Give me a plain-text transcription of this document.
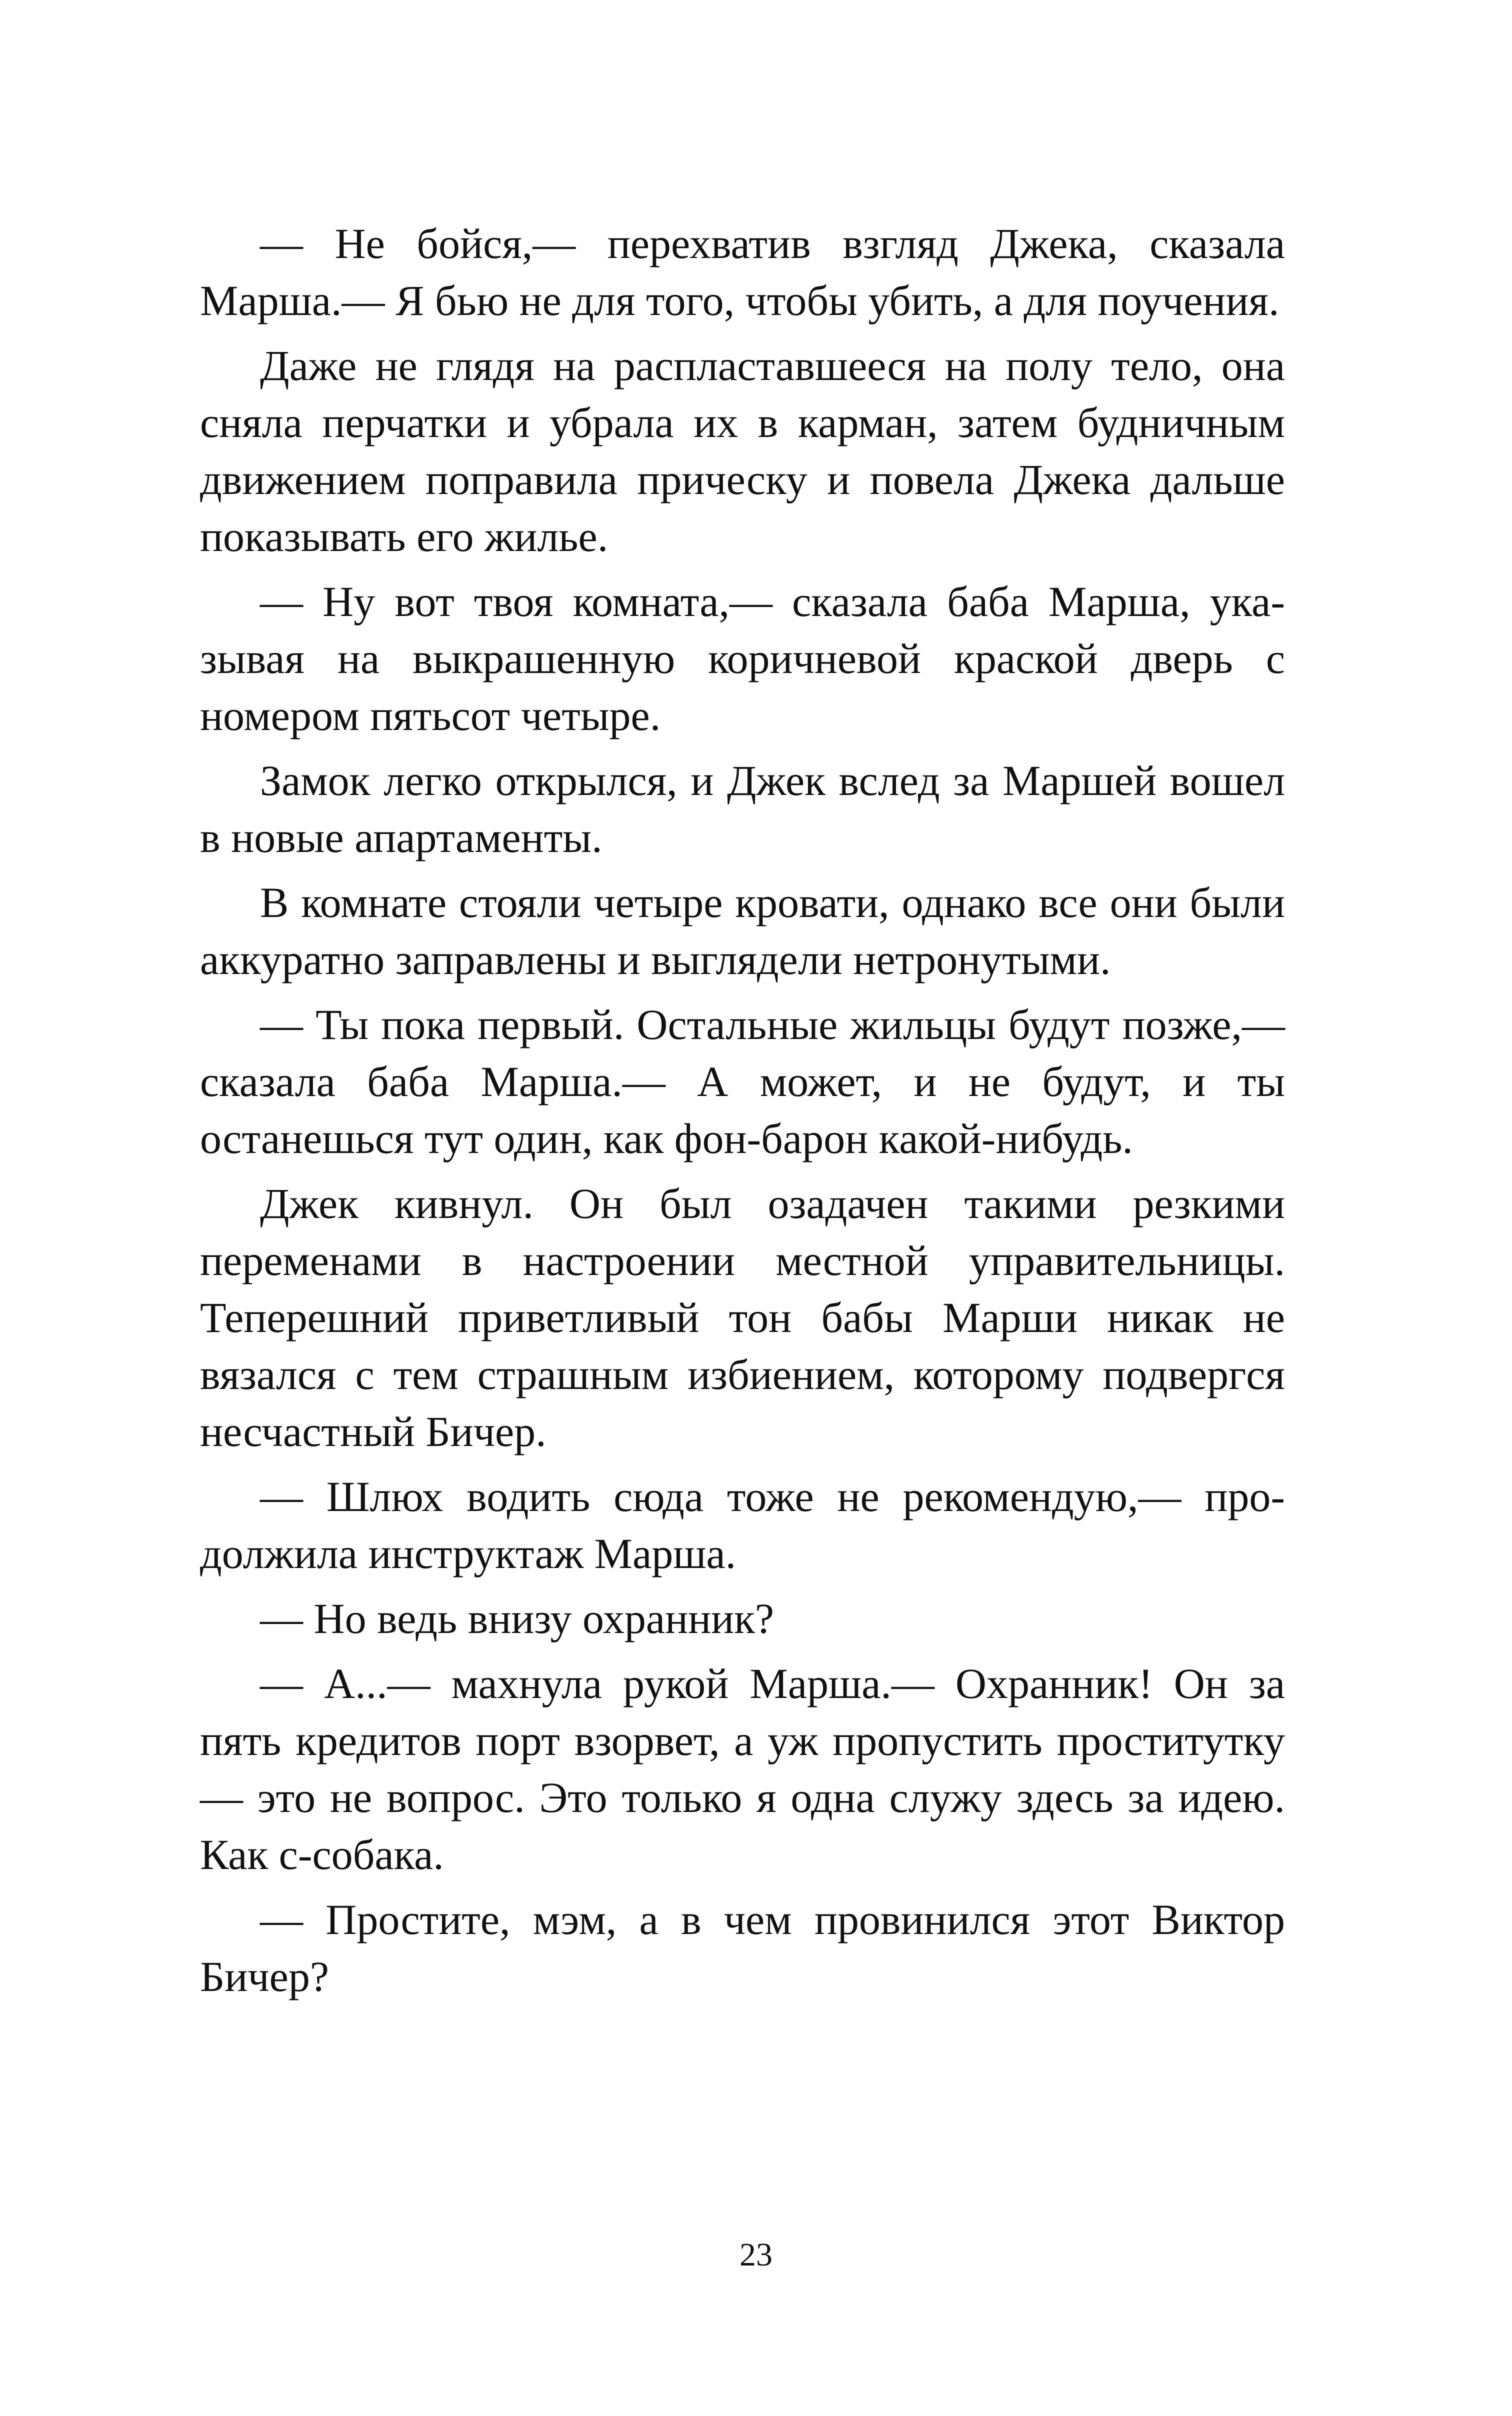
— Не бойся,— перехватив взгляд Джека, сказала Марша.— Я бью не для того, чтобы убить, а для поучения.

Даже не глядя на распластавшееся на полу тело, она сняла перчатки и убрала их в карман, затем будничным движением поправила прическу и повела Джека дальше показывать его жилье.

— Ну вот твоя комната,— сказала баба Марша, указывая на выкрашенную коричневой краской дверь с номером пятьсот четыре.

Замок легко открылся, и Джек вслед за Маршей вошел в новые апартаменты.

В комнате стояли четыре кровати, однако все они были аккуратно заправлены и выглядели нетронутыми.

— Ты пока первый. Остальные жильцы будут позже,— сказала баба Марша.— А может, и не будут, и ты останешься тут один, как фон-барон какой-нибудь.

Джек кивнул. Он был озадачен такими резкими переменами в настроении местной управительницы. Теперешний приветливый тон бабы Марши никак не вязался с тем страшным избиением, которому подвергся несчастный Бичер.

— Шлюх водить сюда тоже не рекомендую,— продолжила инструктаж Марша.

— Но ведь внизу охранник?

— А...— махнула рукой Марша.— Охранник! Он за пять кредитов порт взорвет, а уж пропустить проститутку — это не вопрос. Это только я одна служу здесь за идею. Как с-собака.

— Простите, мэм, а в чем провинился этот Виктор Бичер?

23
